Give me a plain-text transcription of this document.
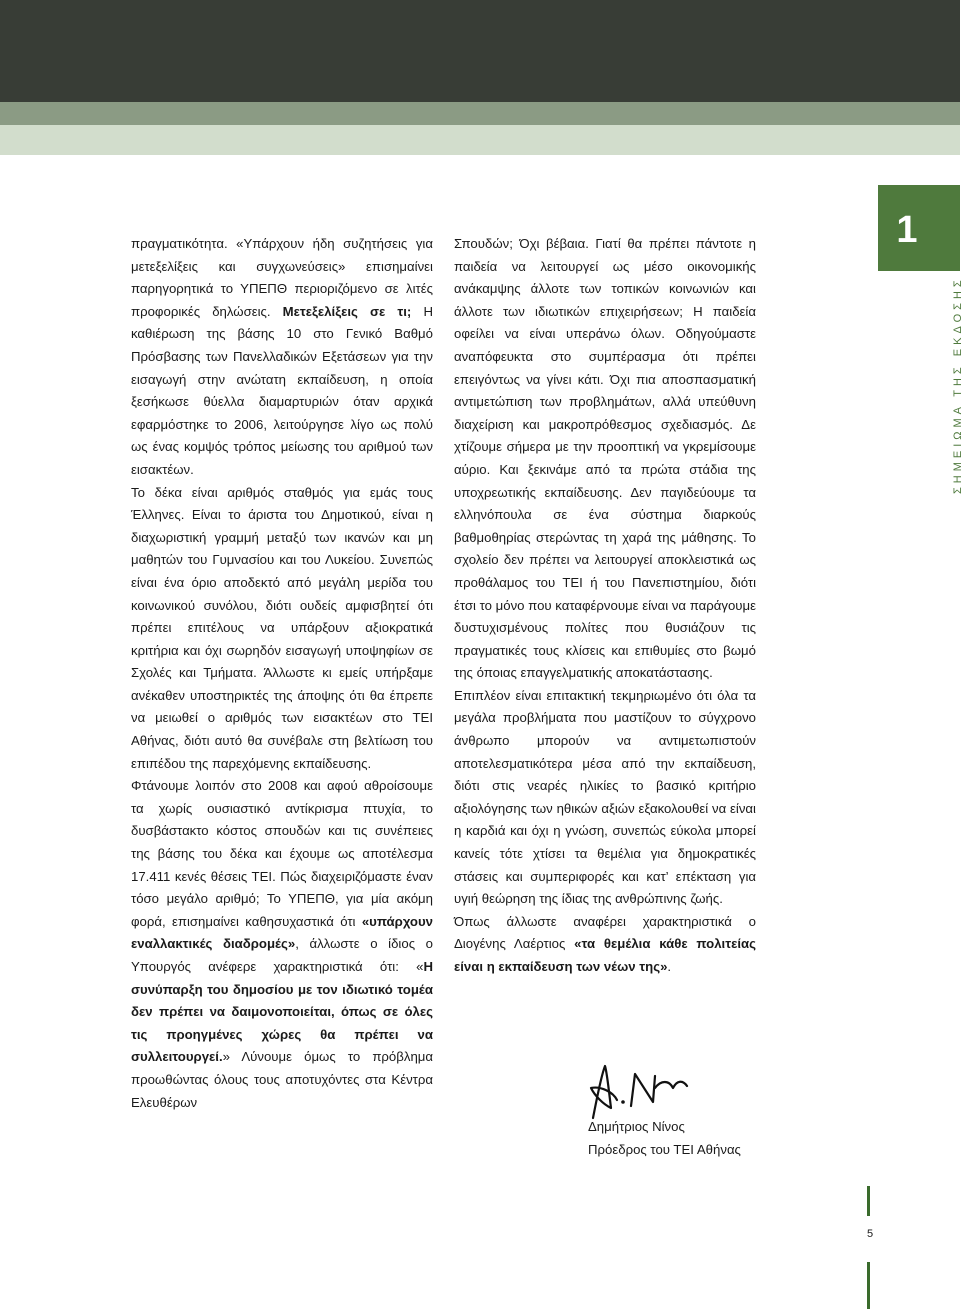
1
ΣΗΜΕΙΩΜΑ ΤΗΣ ΕΚΔΟΣΗΣ

πραγματικότητα. «Υπάρχουν ήδη συζητήσεις για μετεξελίξεις και συγχωνεύσεις» επισημαίνει παρηγορητικά το ΥΠΕΠΘ περιοριζόμενο σε λιτές προφορικές δηλώσεις. Μετεξελίξεις σε τι; Η καθιέρωση της βάσης 10 στο Γενικό Βαθμό Πρόσβασης των Πανελλαδικών Εξετάσεων για την εισαγωγή στην ανώτατη εκπαίδευση, η οποία ξεσήκωσε θύελλα διαμαρτυριών όταν αρχικά εφαρμόστηκε το 2006, λειτούργησε λίγο ως πολύ ως ένας κομψός τρόπος μείωσης του αριθμού των εισακτέων.

Το δέκα είναι αριθμός σταθμός για εμάς τους Έλληνες. Είναι το άριστα του Δημοτικού, είναι η διαχωριστική γραμμή μεταξύ των ικανών και μη μαθητών του Γυμνασίου και του Λυκείου. Συνεπώς είναι ένα όριο αποδεκτό από μεγάλη μερίδα του κοινωνικού συνόλου, διότι ουδείς αμφισβητεί ότι πρέπει επιτέλους να υπάρξουν αξιοκρατικά κριτήρια και όχι σωρηδόν εισαγωγή υποψηφίων σε Σχολές και Τμήματα. Άλλωστε κι εμείς υπήρξαμε ανέκαθεν υποστηρικτές της άποψης ότι θα έπρεπε να μειωθεί ο αριθμός των εισακτέων στο ΤΕΙ Αθήνας, διότι αυτό θα συνέβαλε στη βελτίωση του επιπέδου της παρεχόμενης εκπαίδευσης.

Φτάνουμε λοιπόν στο 2008 και αφού αθροίσουμε τα χωρίς ουσιαστικό αντίκρισμα πτυχία, το δυσβάστακτο κόστος σπουδών και τις συνέπειες της βάσης του δέκα και έχουμε ως αποτέλεσμα 17.411 κενές θέσεις ΤΕΙ. Πώς διαχειριζόμαστε έναν τόσο μεγάλο αριθμό; Το ΥΠΕΠΘ, για μία ακόμη φορά, επισημαίνει καθησυχαστικά ότι «υπάρχουν εναλλακτικές διαδρομές», άλλωστε ο ίδιος ο Υπουργός ανέφερε χαρακτηριστικά ότι: «Η συνύπαρξη του δημοσίου με τον ιδιωτικό τομέα δεν πρέπει να δαιμονοποιείται, όπως σε όλες τις προηγμένες χώρες θα πρέπει να συλλειτουργεί.» Λύνουμε όμως το πρόβλημα προωθώντας όλους τους αποτυχόντες στα Κέντρα Ελευθέρων

Σπουδών; Όχι βέβαια. Γιατί θα πρέπει πάντοτε η παιδεία να λειτουργεί ως μέσο οικονομικής ανάκαμψης άλλοτε των τοπικών κοινωνιών και άλλοτε των ιδιωτικών επιχειρήσεων; Η παιδεία οφείλει να είναι υπεράνω όλων. Οδηγούμαστε αναπόφευκτα στο συμπέρασμα ότι πρέπει επειγόντως να γίνει κάτι. Όχι πια αποσπασματική αντιμετώπιση των προβλημάτων, αλλά υπεύθυνη διαχείριση και μακροπρόθεσμος σχεδιασμός. Δε χτίζουμε σήμερα με την προοπτική να γκρεμίσουμε αύριο. Και ξεκινάμε από τα πρώτα στάδια της υποχρεωτικής εκπαίδευσης. Δεν παγιδεύουμε τα ελληνόπουλα σε ένα σύστημα διαρκούς βαθμοθηρίας στερώντας τη χαρά της μάθησης. Το σχολείο δεν πρέπει να λειτουργεί αποκλειστικά ως προθάλαμος του ΤΕΙ ή του Πανεπιστημίου, διότι έτσι το μόνο που καταφέρνουμε είναι να παράγουμε δυστυχισμένους πολίτες που θυσιάζουν τις πραγματικές τους κλίσεις και επιθυμίες στο βωμό της όποιας επαγγελματικής αποκατάστασης.

Επιπλέον είναι επιτακτική τεκμηριωμένο ότι όλα τα μεγάλα προβλήματα που μαστίζουν το σύγχρονο άνθρωπο μπορούν να αντιμετωπιστούν αποτελεσματικότερα μέσα από την εκπαίδευση, διότι στις νεαρές ηλικίες το βασικό κριτήριο αξιολόγησης των ηθικών αξιών εξακολουθεί να είναι η καρδιά και όχι η γνώση, συνεπώς εύκολα μπορεί κανείς τότε χτίσει τα θεμέλια για δημοκρατικές στάσεις και συμπεριφορές και κατ’ επέκταση για υγιή θεώρηση της ίδιας της ανθρώπινης ζωής.

Όπως άλλωστε αναφέρει χαρακτηριστικά ο Διογένης Λαέρτιος «τα θεμέλια κάθε πολιτείας είναι η εκπαίδευση των νέων της».

Δημήτριος Νίνος
Πρόεδρος του ΤΕΙ Αθήνας
5
